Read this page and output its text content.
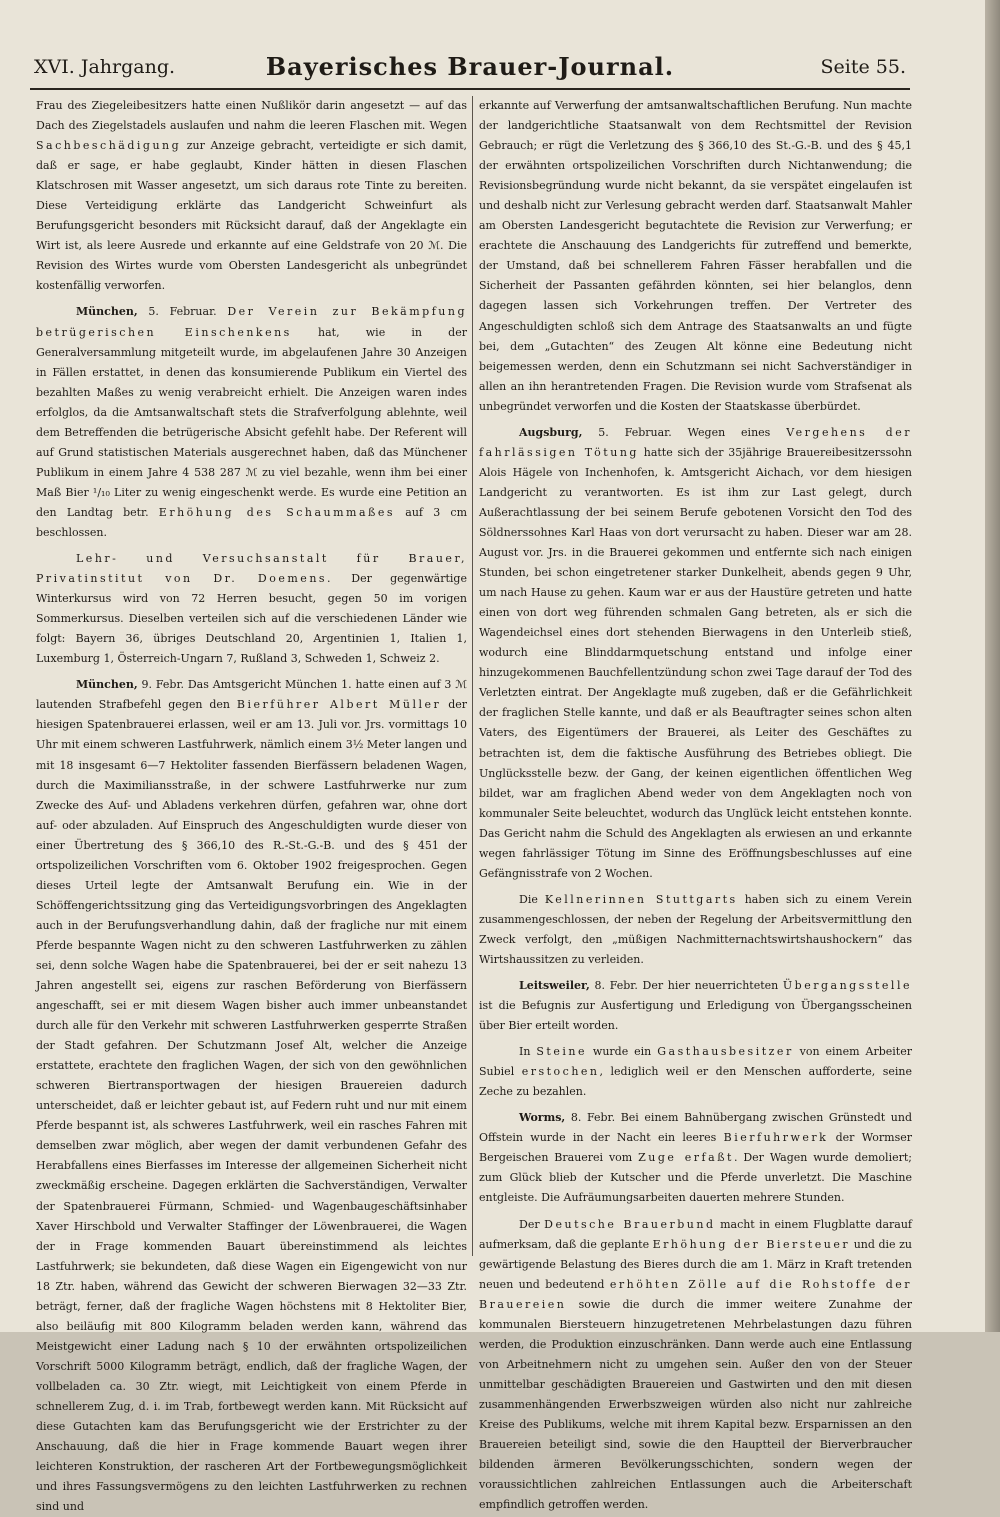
XVI. Jahrgang.	Bayerisches Brauer-Journal.	Seite 55.

Frau des Ziegeleibesitzers hatte einen Nußlikör darin angesetzt — auf das Dach des Ziegelstadels auslaufen und nahm die leeren Flaschen mit. Wegen Sachbeschädigung zur Anzeige gebracht, verteidigte er sich damit, daß er sage, er habe geglaubt, Kinder hätten in diesen Flaschen Klatschrosen mit Wasser angesetzt, um sich daraus rote Tinte zu bereiten. Diese Verteidigung erklärte das Landgericht Schweinfurt als Berufungsgericht besonders mit Rücksicht darauf, daß der Angeklagte ein Wirt ist, als leere Ausrede und erkannte auf eine Geldstrafe von 20 ℳ. Die Revision des Wirtes wurde vom Obersten Landesgericht als unbegründet kostenfällig verworfen.

München, 5. Februar. Der Verein zur Bekämpfung betrügerischen Einschenkens hat, wie in der Generalversammlung mitgeteilt wurde, im abgelaufenen Jahre 30 Anzeigen in Fällen erstattet, in denen das konsumierende Publikum ein Viertel des bezahlten Maßes zu wenig verabreicht erhielt. Die Anzeigen waren indes erfolglos, da die Amtsanwaltschaft stets die Strafverfolgung ablehnte, weil dem Betreffenden die betrügerische Absicht gefehlt habe. Der Referent will auf Grund statistischen Materials ausgerechnet haben, daß das Münchener Publikum in einem Jahre 4 538 287 ℳ zu viel bezahle, wenn ihm bei einer Maß Bier ¹/₁₀ Liter zu wenig eingeschenkt werde. Es wurde eine Petition an den Landtag betr. Erhöhung des Schaummaßes auf 3 cm beschlossen.

Lehr- und Versuchsanstalt für Brauer, Privatinstitut von Dr. Doemens. Der gegenwärtige Winterkursus wird von 72 Herren besucht, gegen 50 im vorigen Sommerkursus. Dieselben verteilen sich auf die verschiedenen Länder wie folgt: Bayern 36, übriges Deutschland 20, Argentinien 1, Italien 1, Luxemburg 1, Österreich-Ungarn 7, Rußland 3, Schweden 1, Schweiz 2.

München, 9. Febr. Das Amtsgericht München 1. hatte einen auf 3 ℳ lautenden Strafbefehl gegen den Bierführer Albert Müller der hiesigen Spatenbrauerei erlassen, weil er am 13. Juli vor. Jrs. vormittags 10 Uhr mit einem schweren Lastfuhrwerk, nämlich einem 3½ Meter langen und mit 18 insgesamt 6—7 Hektoliter fassenden Bierfässern beladenen Wagen, durch die Maximiliansstraße, in der schwere Lastfuhrwerke nur zum Zwecke des Auf- und Abladens verkehren dürfen, gefahren war, ohne dort auf- oder abzuladen. Auf Einspruch des Angeschuldigten wurde dieser von einer Übertretung des § 366,10 des R.-St.-G.-B. und des § 451 der ortspolizeilichen Vorschriften vom 6. Oktober 1902 freigesprochen. Gegen dieses Urteil legte der Amtsanwalt Berufung ein. Wie in der Schöffengerichtssitzung ging das Verteidigungsvorbringen des Angeklagten auch in der Berufungsverhandlung dahin, daß der fragliche nur mit einem Pferde bespannte Wagen nicht zu den schweren Lastfuhrwerken zu zählen sei, denn solche Wagen habe die Spatenbrauerei, bei der er seit nahezu 13 Jahren angestellt sei, eigens zur raschen Beförderung von Bierfässern angeschafft, sei er mit diesem Wagen bisher auch immer unbeanstandet durch alle für den Verkehr mit schweren Lastfuhrwerken gesperrte Straßen der Stadt gefahren. Der Schutzmann Josef Alt, welcher die Anzeige erstattete, erachtete den fraglichen Wagen, der sich von den gewöhnlichen schweren Biertransportwagen der hiesigen Brauereien dadurch unterscheidet, daß er leichter gebaut ist, auf Federn ruht und nur mit einem Pferde bespannt ist, als schweres Lastfuhrwerk, weil ein rasches Fahren mit demselben zwar möglich, aber wegen der damit verbundenen Gefahr des Herabfallens eines Bierfasses im Interesse der allgemeinen Sicherheit nicht zweckmäßig erscheine. Dagegen erklärten die Sachverständigen, Verwalter der Spatenbrauerei Fürmann, Schmied- und Wagenbaugeschäftsinhaber Xaver Hirschbold und Verwalter Staffinger der Löwenbrauerei, die Wagen der in Frage kommenden Bauart übereinstimmend als leichtes Lastfuhrwerk; sie bekundeten, daß diese Wagen ein Eigengewicht von nur 18 Ztr. haben, während das Gewicht der schweren Bierwagen 32—33 Ztr. beträgt, ferner, daß der fragliche Wagen höchstens mit 8 Hektoliter Bier, also beiläufig mit 800 Kilogramm beladen werden kann, während das Meistgewicht einer Ladung nach § 10 der erwähnten ortspolizeilichen Vorschrift 5000 Kilogramm beträgt, endlich, daß der fragliche Wagen, der vollbeladen ca. 30 Ztr. wiegt, mit Leichtigkeit von einem Pferde in schnellerem Zug, d. i. im Trab, fortbewegt werden kann. Mit Rücksicht auf diese Gutachten kam das Berufungsgericht wie der Erstrichter zu der Anschauung, daß die hier in Frage kommende Bauart wegen ihrer leichteren Konstruktion, der rascheren Art der Fortbewegungsmöglichkeit und ihres Fassungsvermögens zu den leichten Lastfuhrwerken zu rechnen sind und

erkannte auf Verwerfung der amtsanwaltschaftlichen Berufung. Nun machte der landgerichtliche Staatsanwalt von dem Rechtsmittel der Revision Gebrauch; er rügt die Verletzung des § 366,10 des St.-G.-B. und des § 45,1 der erwähnten ortspolizeilichen Vorschriften durch Nichtanwendung; die Revisionsbegründung wurde nicht bekannt, da sie verspätet eingelaufen ist und deshalb nicht zur Verlesung gebracht werden darf. Staatsanwalt Mahler am Obersten Landesgericht begutachtete die Revision zur Verwerfung; er erachtete die Anschauung des Landgerichts für zutreffend und bemerkte, der Umstand, daß bei schnellerem Fahren Fässer herabfallen und die Sicherheit der Passanten gefährden könnten, sei hier belanglos, denn dagegen lassen sich Vorkehrungen treffen. Der Vertreter des Angeschuldigten schloß sich dem Antrage des Staatsanwalts an und fügte bei, dem „Gutachten“ des Zeugen Alt könne eine Bedeutung nicht beigemessen werden, denn ein Schutzmann sei nicht Sachverständiger in allen an ihn herantretenden Fragen. Die Revision wurde vom Strafsenat als unbegründet verworfen und die Kosten der Staatskasse überbürdet.

Augsburg, 5. Februar. Wegen eines Vergehens der fahrlässigen Tötung hatte sich der 35jährige Brauereibesitzerssohn Alois Hägele von Inchenhofen, k. Amtsgericht Aichach, vor dem hiesigen Landgericht zu verantworten. Es ist ihm zur Last gelegt, durch Außerachtlassung der bei seinem Berufe gebotenen Vorsicht den Tod des Söldnerssohnes Karl Haas von dort verursacht zu haben. Dieser war am 28. August vor. Jrs. in die Brauerei gekommen und entfernte sich nach einigen Stunden, bei schon eingetretener starker Dunkelheit, abends gegen 9 Uhr, um nach Hause zu gehen. Kaum war er aus der Haustüre getreten und hatte einen von dort weg führenden schmalen Gang betreten, als er sich die Wagendeichsel eines dort stehenden Bierwagens in den Unterleib stieß, wodurch eine Blinddarmquetschung entstand und infolge einer hinzugekommenen Bauchfellentzündung schon zwei Tage darauf der Tod des Verletzten eintrat. Der Angeklagte muß zugeben, daß er die Gefährlichkeit der fraglichen Stelle kannte, und daß er als Beauftragter seines schon alten Vaters, des Eigentümers der Brauerei, als Leiter des Geschäftes zu betrachten ist, dem die faktische Ausführung des Betriebes obliegt. Die Unglücksstelle bezw. der Gang, der keinen eigentlichen öffentlichen Weg bildet, war am fraglichen Abend weder von dem Angeklagten noch von kommunaler Seite beleuchtet, wodurch das Unglück leicht entstehen konnte. Das Gericht nahm die Schuld des Angeklagten als erwiesen an und erkannte wegen fahrlässiger Tötung im Sinne des Eröffnungsbeschlusses auf eine Gefängnisstrafe von 2 Wochen.

Die Kellnerinnen Stuttgarts haben sich zu einem Verein zusammengeschlossen, der neben der Regelung der Arbeitsvermittlung den Zweck verfolgt, den „müßigen Nachmitternachtswirtshaushockern“ das Wirtshaussitzen zu verleiden.

Leitsweiler, 8. Febr. Der hier neuerrichteten Übergangsstelle ist die Befugnis zur Ausfertigung und Erledigung von Übergangsscheinen über Bier erteilt worden.

In Steine wurde ein Gasthausbesitzer von einem Arbeiter Subiel erstochen, lediglich weil er den Menschen aufforderte, seine Zeche zu bezahlen.

Worms, 8. Febr. Bei einem Bahnübergang zwischen Grünstedt und Offstein wurde in der Nacht ein leeres Bierfuhrwerk der Wormser Bergeischen Brauerei vom Zuge erfaßt. Der Wagen wurde demoliert; zum Glück blieb der Kutscher und die Pferde unverletzt. Die Maschine entgleiste. Die Aufräumungsarbeiten dauerten mehrere Stunden.

Der Deutsche Brauerbund macht in einem Flugblatte darauf aufmerksam, daß die geplante Erhöhung der Biersteuer und die zu gewärtigende Belastung des Bieres durch die am 1. März in Kraft tretenden neuen und bedeutend erhöhten Zölle auf die Rohstoffe der Brauereien sowie die durch die immer weitere Zunahme der kommunalen Biersteuern hinzugetretenen Mehrbelastungen dazu führen werden, die Produktion einzuschränken. Dann werde auch eine Entlassung von Arbeitnehmern nicht zu umgehen sein. Außer den von der Steuer unmittelbar geschädigten Brauereien und Gastwirten und den mit diesen zusammenhängenden Erwerbszweigen würden also nicht nur zahlreiche Kreise des Publikums, welche mit ihrem Kapital bezw. Ersparnissen an den Brauereien beteiligt sind, sowie die den Hauptteil der Bierverbraucher bildenden ärmeren Bevölkerungsschichten, sondern wegen der voraussichtlichen zahlreichen Entlassungen auch die Arbeiterschaft empfindlich getroffen werden.
